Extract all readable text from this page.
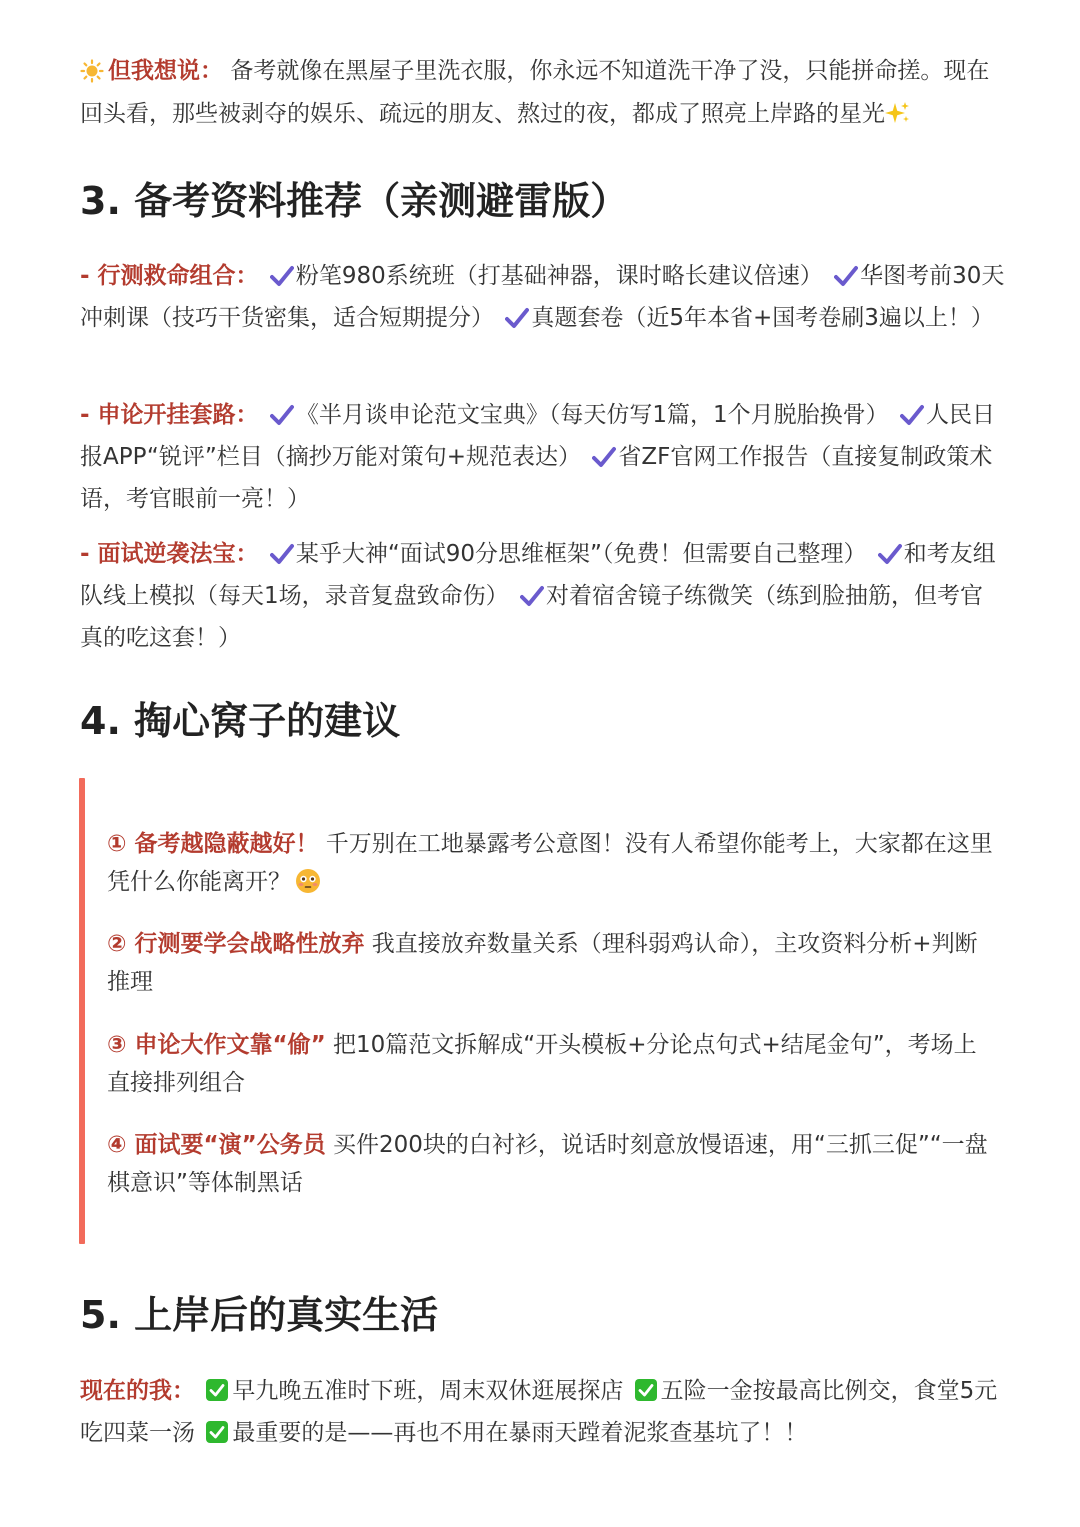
但我想说： 备考就像在黑屋子里洗衣服，你永远不知道洗干净了没，只能拼命搓。现在回头看，那些被剥夺的娱乐、疏远的朋友、熬过的夜，都成了照亮上岸路的星光
3. 备考资料推荐（亲测避雷版）
- 行测救命组合： 粉笔980系统班（打基础神器，课时略长建议倍速） 华图考前30天冲刺课（技巧干货密集，适合短期提分） 真题套卷（近5年本省+国考卷刷3遍以上！）
- 申论开挂套路： 《半月谈申论范文宝典》（每天仿写1篇，1个月脱胎换骨） 人民日报APP“锐评”栏目（摘抄万能对策句+规范表达） 省ZF官网工作报告（直接复制政策术语，考官眼前一亮！）
- 面试逆袭法宝： 某乎大神“面试90分思维框架”（免费！但需要自己整理） 和考友组队线上模拟（每天1场，录音复盘致命伤） 对着宿舍镜子练微笑（练到脸抽筋，但考官真的吃这套！）
4. 掏心窝子的建议
① 备考越隐蔽越好！ 千万别在工地暴露考公意图！没有人希望你能考上，大家都在这里凭什么你能离开？
② 行测要学会战略性放弃 我直接放弃数量关系（理科弱鸡认命），主攻资料分析+判断推理
③ 申论大作文靠“偷” 把10篇范文拆解成“开头模板+分论点句式+结尾金句”，考场上直接排列组合
④ 面试要“演”公务员 买件200块的白衬衫，说话时刻意放慢语速，用“三抓三促”“一盘棋意识”等体制黑话
5. 上岸后的真实生活
现在的我： 早九晚五准时下班，周末双休逛展探店 五险一金按最高比例交，食堂5元吃四菜一汤 最重要的是——再也不用在暴雨天蹚着泥浆查基坑了！！
